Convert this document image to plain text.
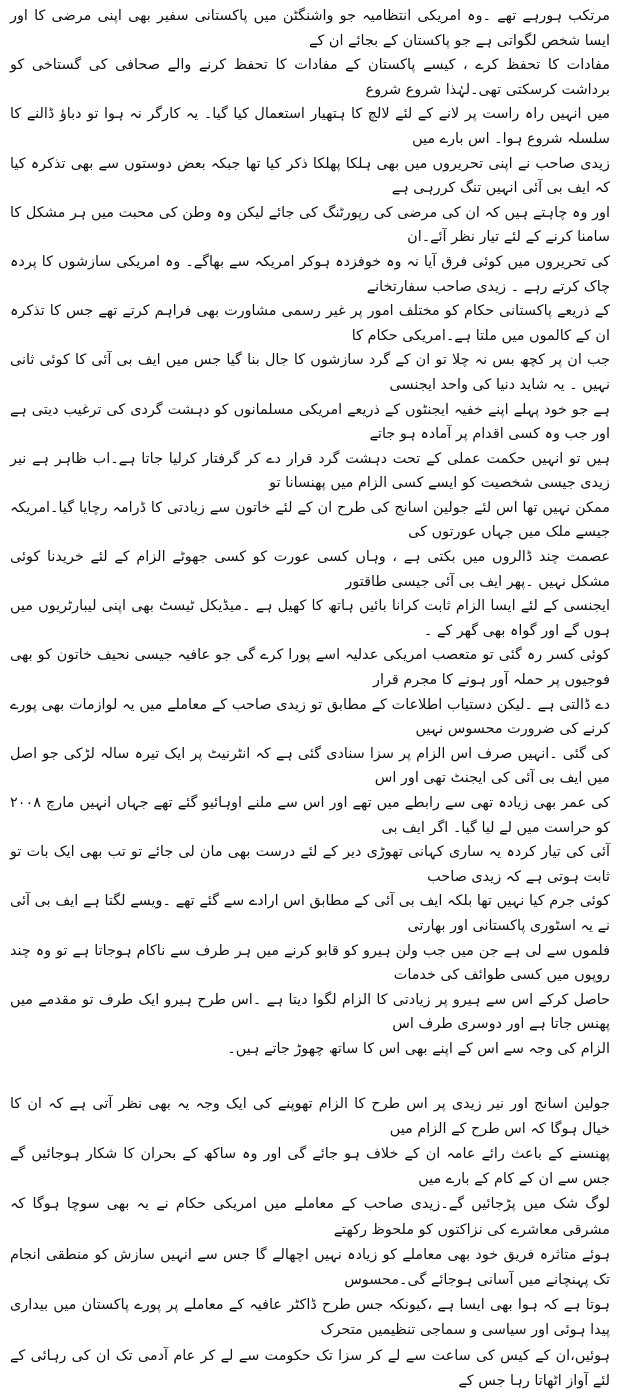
مرتکب ہورہے تھے ۔وہ امریکی انتظامیہ جو واشنگٹن میں پاکستانی سفیر بھی اپنی مرضی کا اور ایسا شخص لگواتی ہے جو پاکستان کے بجائے ان کے
مفادات کا تحفظ کرے ، کیسے پاکستان کے مفادات کا تحفظ کرنے والے صحافی کی گستاخی کو برداشت کرسکتی تھی۔لہٰذا شروع شروع
میں انہیں راہ راست پر لانے کے لئے لالچ کا ہتھیار استعمال کیا گیا۔ یہ کارگر نہ ہوا تو دباؤ ڈالنے کا سلسلہ شروع ہوا۔ اس بارے میں
زیدی صاحب نے اپنی تحریروں میں بھی ہلکا پھلکا ذکر کیا تھا جبکہ بعض دوستوں سے بھی تذکرہ کیا کہ ایف بی آئی انہیں تنگ کررہی ہے
اور وہ چاہتے ہیں کہ ان کی مرضی کی رپورٹنگ کی جائے لیکن وہ وطن کی محبت میں ہر مشکل کا سامنا کرنے کے لئے تیار نظر آئے۔ان
کی تحریروں میں کوئی فرق آیا نہ وہ خوفزدہ ہوکر امریکہ سے بھاگے۔ وہ امریکی سازشوں کا پردہ چاک کرتے رہے ۔ زیدی صاحب سفارتخانے
کے ذریعے پاکستانی حکام کو مختلف امور پر غیر رسمی مشاورت بھی فراہم کرتے تھے جس کا تذکرہ ان کے کالموں میں ملتا ہے۔امریکی حکام کا
جب ان پر کچھ بس نہ چلا تو ان کے گرد سازشوں کا جال بنا گیا جس میں ایف بی آئی کا کوئی ثانی نہیں ۔ یہ شاید دنیا کی واحد ایجنسی
ہے جو خود پہلے اپنے خفیہ ایجنٹوں کے ذریعے امریکی مسلمانوں کو دہشت گردی کی ترغیب دیتی ہے اور جب وہ کسی اقدام پر آمادہ ہو جاتے
ہیں تو انہیں حکمت عملی کے تحت دہشت گرد قرار دے کر گرفتار کرلیا جاتا ہے۔اب ظاہر ہے نیر زیدی جیسی شخصیت کو ایسے کسی الزام میں پھنسانا تو
ممکن نہیں تھا اس لئے جولین اسانج کی طرح ان کے لئے خاتون سے زیادتی کا ڈرامہ رچایا گیا۔امریکہ جیسے ملک میں جہاں عورتوں کی
عصمت چند ڈالروں میں بکتی ہے ، وہاں کسی عورت کو کسی جھوٹے الزام کے لئے خریدنا کوئی مشکل نہیں ۔پھر ایف بی آئی جیسی طاقتور
ایجنسی کے لئے ایسا الزام ثابت کرانا بائیں ہاتھ کا کھیل ہے ۔میڈیکل ٹیسٹ بھی اپنی لیبارٹریوں میں ہوں گے اور گواہ بھی گھر کے ۔
کوئی کسر رہ گئی تو متعصب امریکی عدلیہ اسے پورا کرے گی جو عافیہ جیسی نحیف خاتون کو بھی فوجیوں پر حملہ آور ہونے کا مجرم قرار
دے ڈالتی ہے ۔لیکن دستیاب اطلاعات کے مطابق تو زیدی صاحب کے معاملے میں یہ لوازمات بھی پورے کرنے کی ضرورت محسوس نہیں
کی گئی ۔انہیں صرف اس الزام پر سزا سنادی گئی ہے کہ انٹرنیٹ پر ایک تیرہ سالہ لڑکی جو اصل میں ایف بی آئی کی ایجنٹ تھی اور اس
کی عمر بھی زیادہ تھی سے رابطے میں تھے اور اس سے ملنے اوہائیو گئے تھے جہاں انہیں مارچ ۲۰۰۸ کو حراست میں لے لیا گیا۔ اگر ایف بی
آئی کی تیار کردہ یہ ساری کہانی تھوڑی دیر کے لئے درست بھی مان لی جائے تو تب بھی ایک بات تو ثابت ہوتی ہے کہ زیدی صاحب
کوئی جرم کیا نہیں تھا بلکہ ایف بی آئی کے مطابق اس ارادے سے گئے تھے ۔ویسے لگتا ہے ایف بی آئی نے یہ اسٹوری پاکستانی اور بھارتی
فلموں سے لی ہے جن میں جب ولن ہیرو کو قابو کرنے میں ہر طرف سے ناکام ہوجاتا ہے تو وہ چند روپوں میں کسی طوائف کی خدمات
حاصل کرکے اس سے ہیرو پر زیادتی کا الزام لگوا دیتا ہے ۔اس طرح ہیرو ایک طرف تو مقدمے میں پھنس جاتا ہے اور دوسری طرف اس
الزام کی وجہ سے اس کے اپنے بھی اس کا ساتھ چھوڑ جاتے ہیں۔

جولین اسانج اور نیر زیدی پر اس طرح کا الزام تھوپنے کی ایک وجہ یہ بھی نظر آتی ہے کہ ان کا خیال ہوگا کہ اس طرح کے الزام میں
پھنسنے کے باعث رائے عامہ ان کے خلاف ہو جائے گی اور وہ ساکھ کے بحران کا شکار ہوجائیں گے جس سے ان کے کام کے بارے میں
لوگ شک میں پڑجائیں گے۔زیدی صاحب کے معاملے میں امریکی حکام نے یہ بھی سوچا ہوگا کہ مشرقی معاشرے کی نزاکتوں کو ملحوظ رکھتے
ہوئے متاثرہ فریق خود بھی معاملے کو زیادہ نہیں اچھالے گا جس سے انہیں سازش کو منطقی انجام تک پہنچانے میں آسانی ہوجائے گی۔محسوس
ہوتا ہے کہ ہوا بھی ایسا ہے ،کیونکہ جس طرح ڈاکٹر عافیہ کے معاملے پر پورے پاکستان میں بیداری پیدا ہوئی اور سیاسی و سماجی تنظیمیں متحرک
ہوئیں،ان کے کیس کی ساعت سے لے کر سزا تک حکومت سے لے کر عام آدمی تک ان کی رہائی کے لئے آواز اٹھاتا رہا جس کے
